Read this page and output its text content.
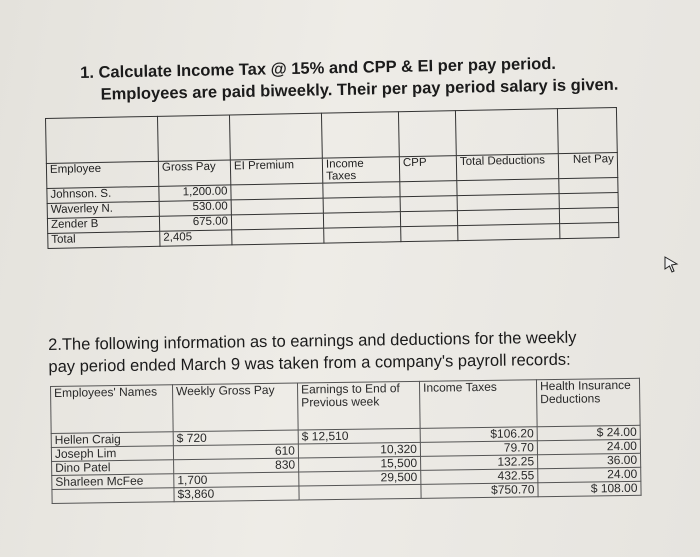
1. Calculate Income Tax @ 15% and CPP & EI per pay period.
Employees are paid biweekly. Their per pay period salary is given.

Employee	Gross Pay	EI Premium	Income Taxes	CPP	Total Deductions	Net Pay
Johnson. S.	1,200.00					
Waverley N.	530.00					
Zender B	675.00					
Total	2,405					
2.The following information as to earnings and deductions for the weekly
pay period ended March 9 was taken from a company's payroll records:
Employees' Names	Weekly Gross Pay	Earnings to End of Previous week	Income Taxes	Health Insurance Deductions
Hellen Craig	$ 720	$ 12,510	$106.20	$ 24.00
Joseph Lim	610	10,320	79.70	24.00
Dino Patel	830	15,500	132.25	36.00
Sharleen McFee	1,700	29,500	432.55	24.00
	$3,860		$750.70	$ 108.00
